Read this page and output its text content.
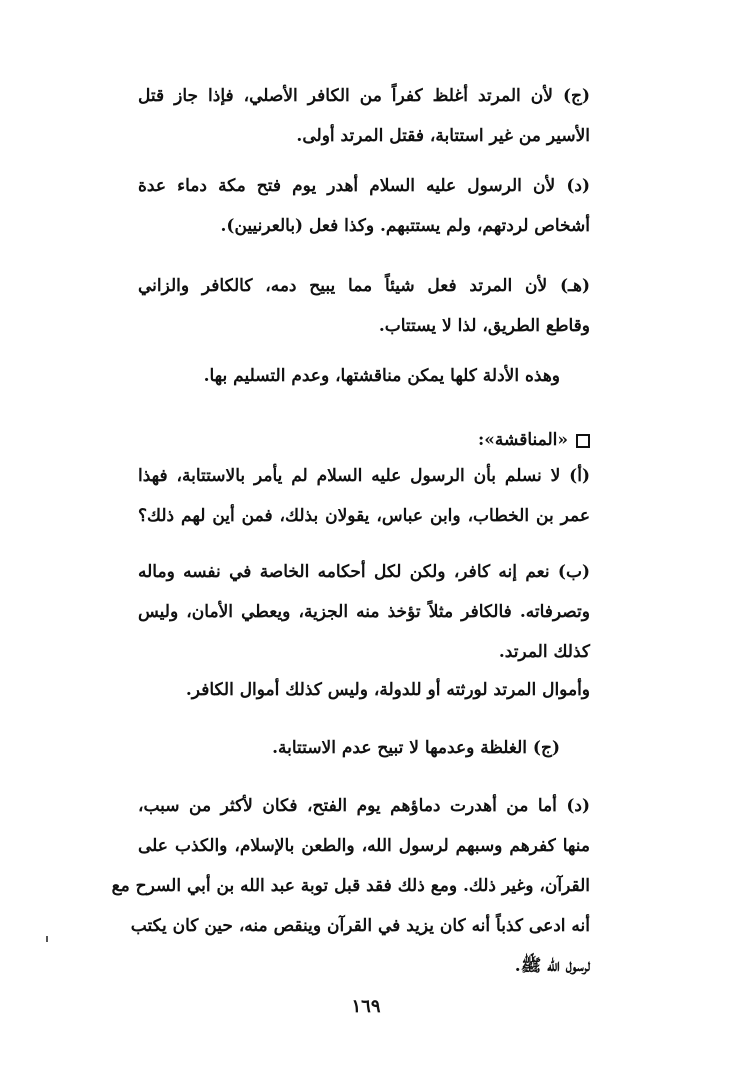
(ج) لأن المرتد أغلظ كفراً من الكافر الأصلي، فإذا جاز قتل
الأسير من غير استتابة، فقتل المرتد أولى.

(د) لأن الرسول عليه السلام أهدر يوم فتح مكة دماء عدة
أشخاص لردتهم، ولم يستتبهم. وكذا فعل (بالعرنيين).

(هـ) لأن المرتد فعل شيئاً مما يبيح دمه، كالكافر والزاني
وقاطع الطريق، لذا لا يستتاب.

وهذه الأدلة كلها يمكن مناقشتها، وعدم التسليم بها.

«المناقشة»:

(أ) لا نسلم بأن الرسول عليه السلام لم يأمر بالاستتابة، فهذا
عمر بن الخطاب، وابن عباس، يقولان بذلك، فمن أين لهم ذلك؟

(ب) نعم إنه كافر، ولكن لكل أحكامه الخاصة في نفسه وماله
وتصرفاته. فالكافر مثلاً تؤخذ منه الجزية، ويعطي الأمان، وليس
كذلك المرتد.

وأموال المرتد لورثته أو للدولة، وليس كذلك أموال الكافر.

(ج) الغلظة وعدمها لا تبيح عدم الاستتابة.

(د) أما من أهدرت دماؤهم يوم الفتح، فكان لأكثر من سبب،
منها كفرهم وسبهم لرسول الله، والطعن بالإسلام، والكذب على
القرآن، وغير ذلك. ومع ذلك فقد قبل توبة عبد الله بن أبي السرح مع
أنه ادعى كذباً أنه كان يزيد في القرآن وينقص منه، حين كان يكتب
لرسول الله ﷺ.

١٦٩
